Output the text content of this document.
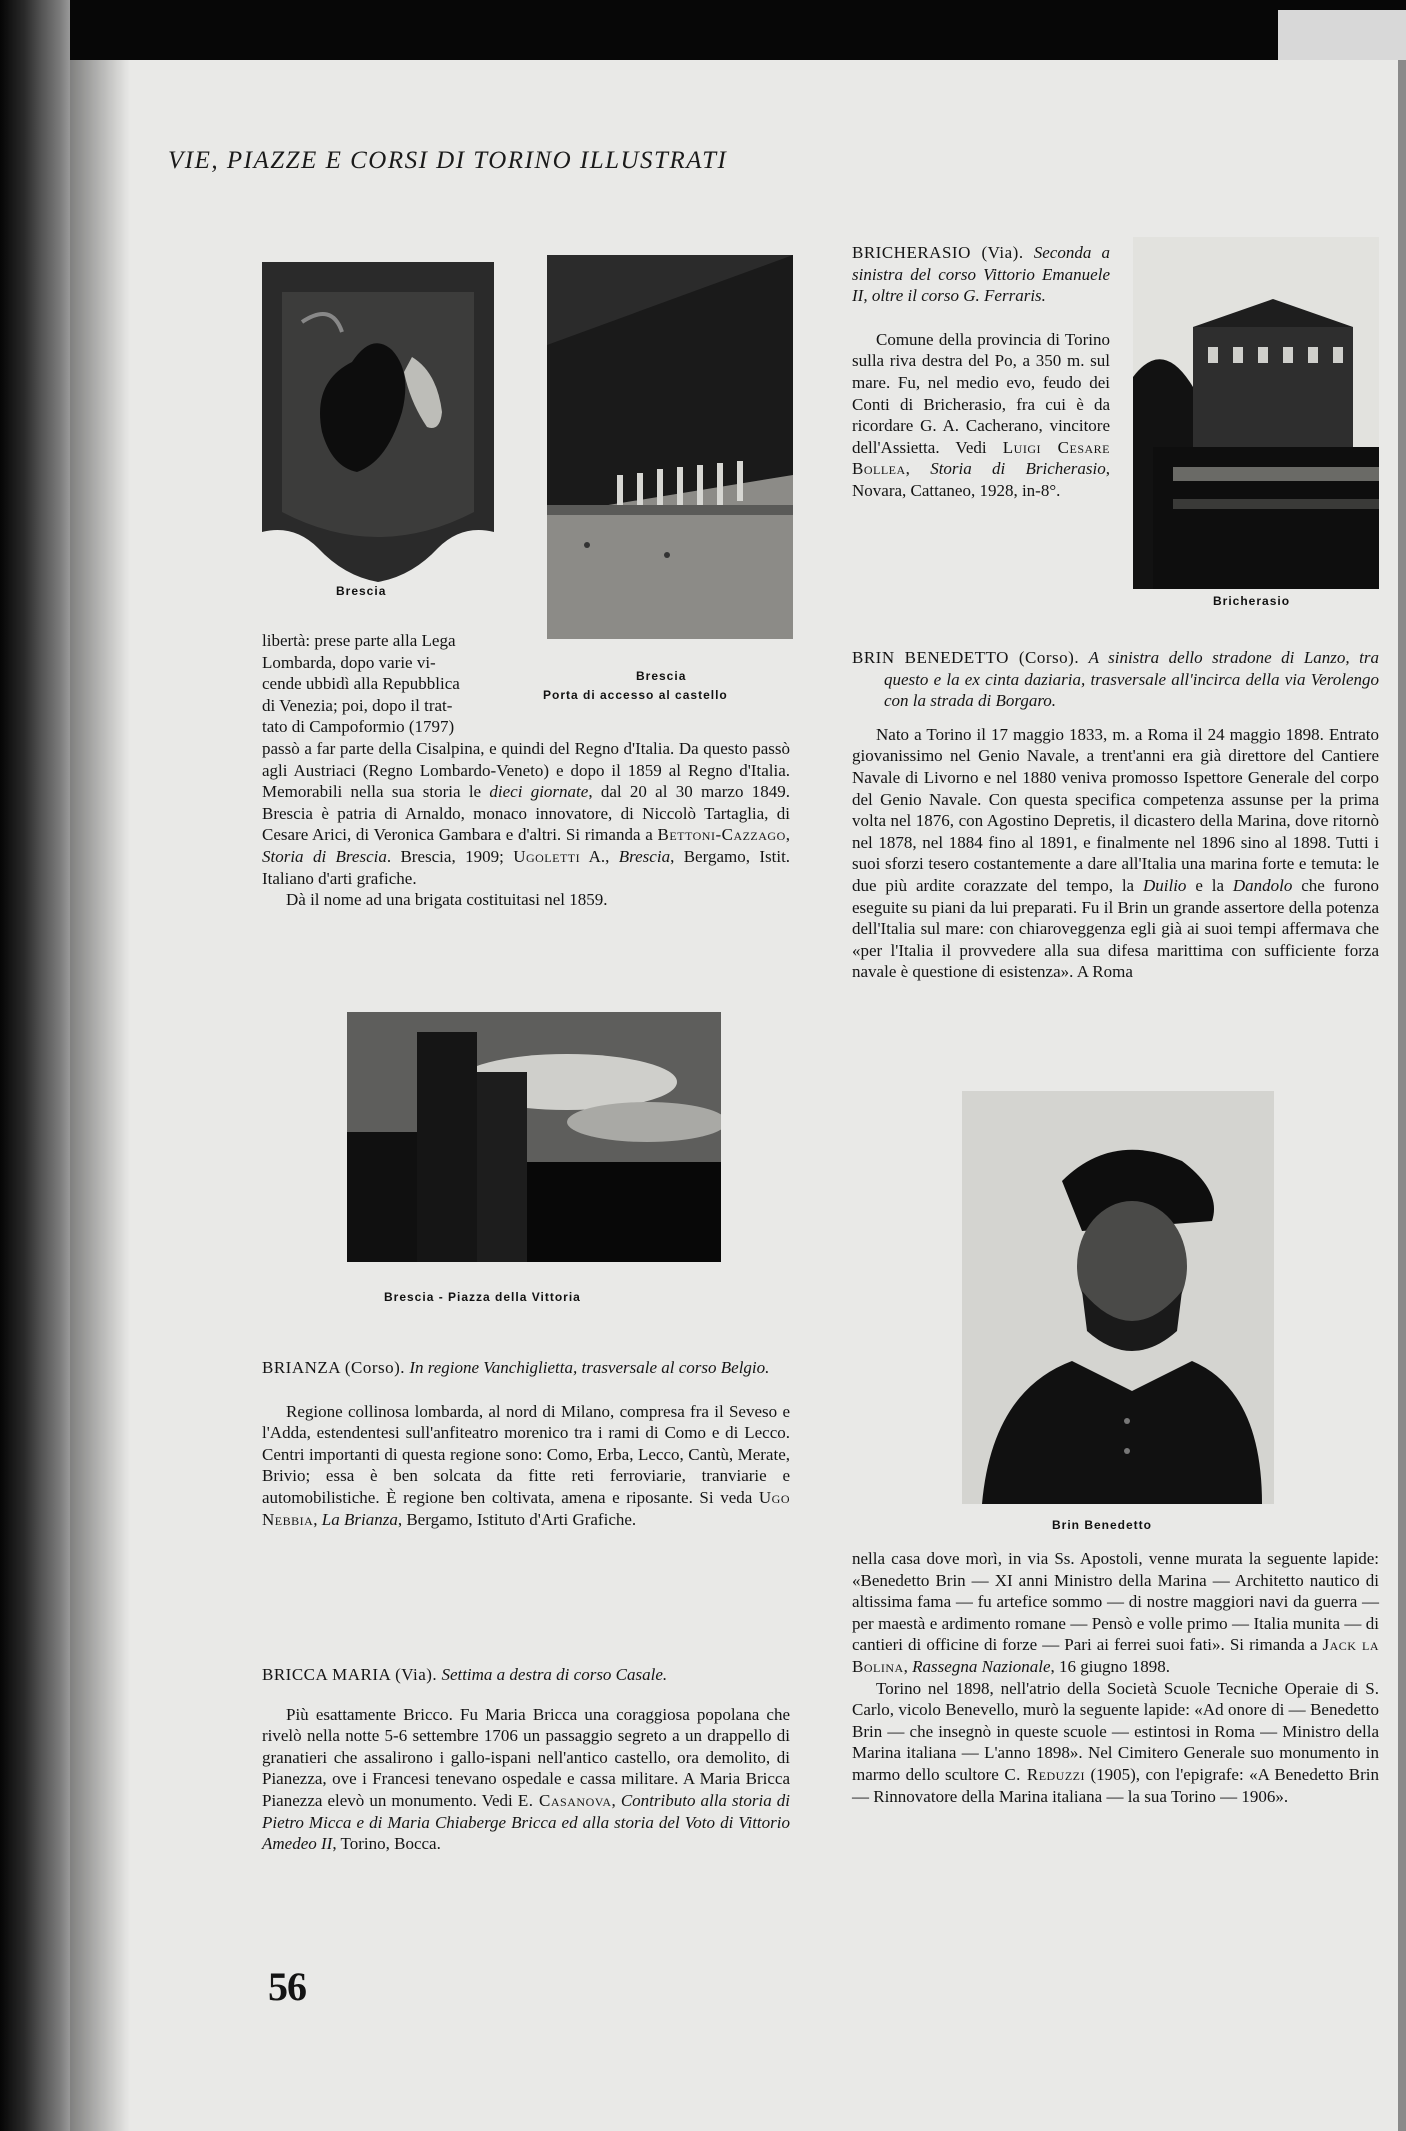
VIE, PIAZZE E CORSI DI TORINO ILLUSTRATI
Brescia
Brescia
Porta di accesso al castello

libertà: prese parte alla Lega

Lombarda, dopo varie vi-

cende ubbidì alla Repubblica

di Venezia; poi, dopo il trat-

tato di Campoformio (1797)

passò a far parte della Cisalpina, e quindi del Regno d'Italia. Da questo passò agli Austriaci (Regno Lombardo-Veneto) e dopo il 1859 al Regno d'Italia. Memorabili nella sua storia le dieci giornate, dal 20 al 30 marzo 1849. Brescia è patria di Arnaldo, monaco innovatore, di Niccolò Tartaglia, di Cesare Arici, di Veronica Gambara e d'altri. Si rimanda a Bettoni-Cazzago, Storia di Brescia. Brescia, 1909; Ugoletti A., Brescia, Bergamo, Istit. Italiano d'arti grafiche.

Dà il nome ad una brigata costituitasi nel 1859.

Brescia - Piazza della Vittoria

BRIANZA (Corso). In regione Vanchiglietta, trasversale al corso Belgio.

Regione collinosa lombarda, al nord di Milano, compresa fra il Seveso e l'Adda, estendentesi sull'anfiteatro morenico tra i rami di Como e di Lecco. Centri importanti di questa regione sono: Como, Erba, Lecco, Cantù, Merate, Brivio; essa è ben solcata da fitte reti ferroviarie, tranviarie e automobilistiche. È regione ben coltivata, amena e riposante. Si veda Ugo Nebbia, La Brianza, Bergamo, Istituto d'Arti Grafiche.

BRICCA MARIA (Via). Settima a destra di corso Casale.

Più esattamente Bricco. Fu Maria Bricca una coraggiosa popolana che rivelò nella notte 5-6 settembre 1706 un passaggio segreto a un drappello di granatieri che assalirono i gallo-ispani nell'antico castello, ora demolito, di Pianezza, ove i Francesi tenevano ospedale e cassa militare. A Maria Bricca Pianezza elevò un monumento. Vedi E. Casanova, Contributo alla storia di Pietro Micca e di Maria Chiaberge Bricca ed alla storia del Voto di Vittorio Amedeo II, Torino, Bocca.

BRICHERASIO (Via). Seconda a sinistra del corso Vittorio Emanuele II, oltre il corso G. Ferraris.

Comune della provincia di Torino sulla riva destra del Po, a 350 m. sul mare. Fu, nel medio evo, feudo dei Conti di Bricherasio, fra cui è da ricordare G. A. Cacherano, vincitore dell'Assietta. Vedi Luigi Cesare Bollea, Storia di Bricherasio, Novara, Cattaneo, 1928, in-8°.

Bricherasio

BRIN BENEDETTO (Corso). A sinistra dello stradone di Lanzo, tra questo e la ex cinta daziaria, trasversale all'incirca della via Verolengo con la strada di Borgaro.

Nato a Torino il 17 maggio 1833, m. a Roma il 24 maggio 1898. Entrato giovanissimo nel Genio Navale, a trent'anni era già direttore del Cantiere Navale di Livorno e nel 1880 veniva promosso Ispettore Generale del corpo del Genio Navale. Con questa specifica competenza assunse per la prima volta nel 1876, con Agostino Depretis, il dicastero della Marina, dove ritornò nel 1878, nel 1884 fino al 1891, e finalmente nel 1896 sino al 1898. Tutti i suoi sforzi tesero costantemente a dare all'Italia una marina forte e temuta: le due più ardite corazzate del tempo, la Duilio e la Dandolo che furono eseguite su piani da lui preparati. Fu il Brin un grande assertore della potenza dell'Italia sul mare: con chiaroveggenza egli già ai suoi tempi affermava che «per l'Italia il provvedere alla sua difesa marittima con sufficiente forza navale è questione di esistenza». A Roma

Brin Benedetto

nella casa dove morì, in via Ss. Apostoli, venne murata la seguente lapide: «Benedetto Brin — XI anni Ministro della Marina — Architetto nautico di altissima fama — fu artefice sommo — di nostre maggiori navi da guerra — per maestà e ardimento romane — Pensò e volle primo — Italia munita — di cantieri di officine di forze — Pari ai ferrei suoi fati». Si rimanda a Jack la Bolina, Rassegna Nazionale, 16 giugno 1898.

Torino nel 1898, nell'atrio della Società Scuole Tecniche Operaie di S. Carlo, vicolo Benevello, murò la seguente lapide: «Ad onore di — Benedetto Brin — che insegnò in queste scuole — estintosi in Roma — Ministro della Marina italiana — L'anno 1898». Nel Cimitero Generale suo monumento in marmo dello scultore C. Reduzzi (1905), con l'epigrafe: «A Benedetto Brin — Rinnovatore della Marina italiana — la sua Torino — 1906».

56
